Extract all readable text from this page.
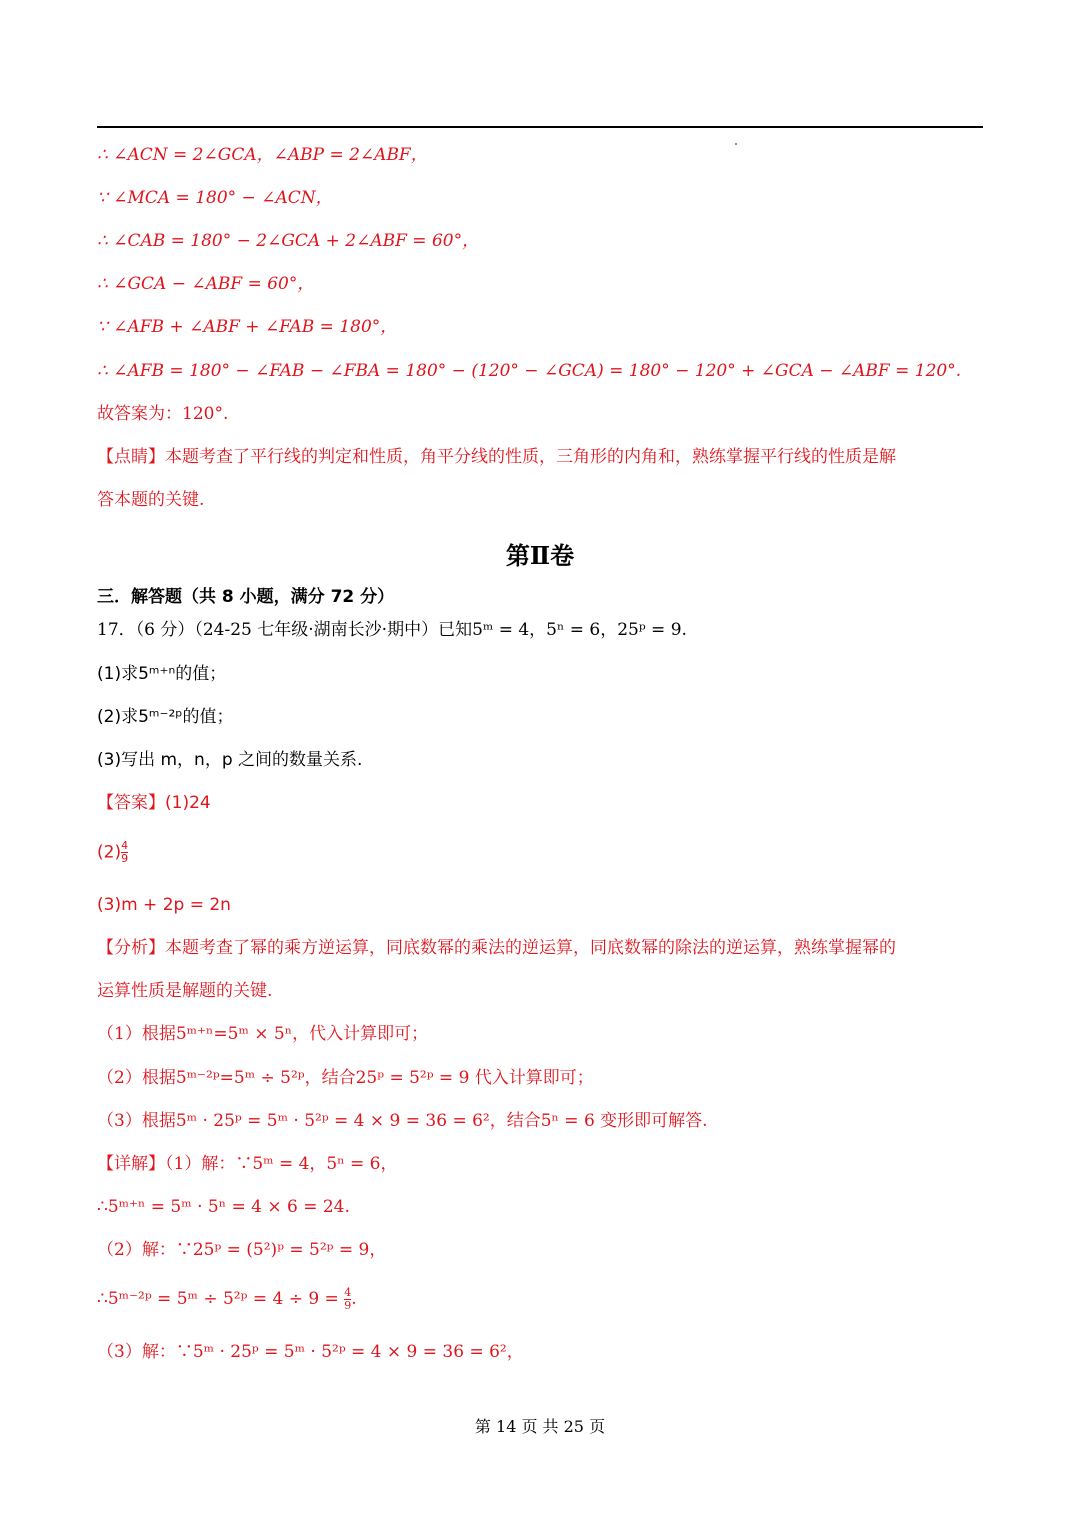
∴ ∠ACN = 2∠GCA，∠ABP = 2∠ABF，
∵ ∠MCA = 180° − ∠ACN，
∴ ∠CAB = 180° − 2∠GCA + 2∠ABF = 60°，
∴ ∠GCA − ∠ABF = 60°，
∵ ∠AFB + ∠ABF + ∠FAB = 180°，
∴ ∠AFB = 180° − ∠FAB − ∠FBA = 180° − (120° − ∠GCA) = 180° − 120° + ∠GCA − ∠ABF = 120°.
故答案为：120°.
【点睛】本题考查了平行线的判定和性质，角平分线的性质，三角形的内角和，熟练掌握平行线的性质是解
答本题的关键.
第Ⅱ卷
三．解答题（共 8 小题，满分 72 分）
17．（6 分）（24-25 七年级·湖南长沙·期中）已知5ᵐ = 4，5ⁿ = 6，25ᵖ = 9.
(1)求5ᵐ⁺ⁿ的值；
(2)求5ᵐ⁻²ᵖ的值；
(3)写出 m，n，p 之间的数量关系.
【答案】(1)24
$(2) \frac{4}{9}$
(3)m + 2p = 2n
【分析】本题考查了幂的乘方逆运算，同底数幂的乘法的逆运算，同底数幂的除法的逆运算，熟练掌握幂的
运算性质是解题的关键.
（1）根据5ᵐ⁺ⁿ=5ᵐ × 5ⁿ，代入计算即可；
（2）根据5ᵐ⁻²ᵖ=5ᵐ ÷ 5²ᵖ，结合25ᵖ = 5²ᵖ = 9 代入计算即可；
（3）根据5ᵐ · 25ᵖ = 5ᵐ · 5²ᵖ = 4 × 9 = 36 = 6²，结合5ⁿ = 6 变形即可解答.
【详解】（1）解：∵5ᵐ = 4，5ⁿ = 6，
∴5ᵐ⁺ⁿ = 5ᵐ · 5ⁿ = 4 × 6 = 24.
（2）解：∵25ᵖ = (5²)ᵖ = 5²ᵖ = 9，
∴5ᵐ⁻²ᵖ = 5ᵐ ÷ 5²ᵖ = $4 \div 9 = \frac{4}{9}$ .
（3）解：∵5ᵐ · 25ᵖ = 5ᵐ · 5²ᵖ = 4 × 9 = 36 = 6²，
第 14 页 共 25 页
